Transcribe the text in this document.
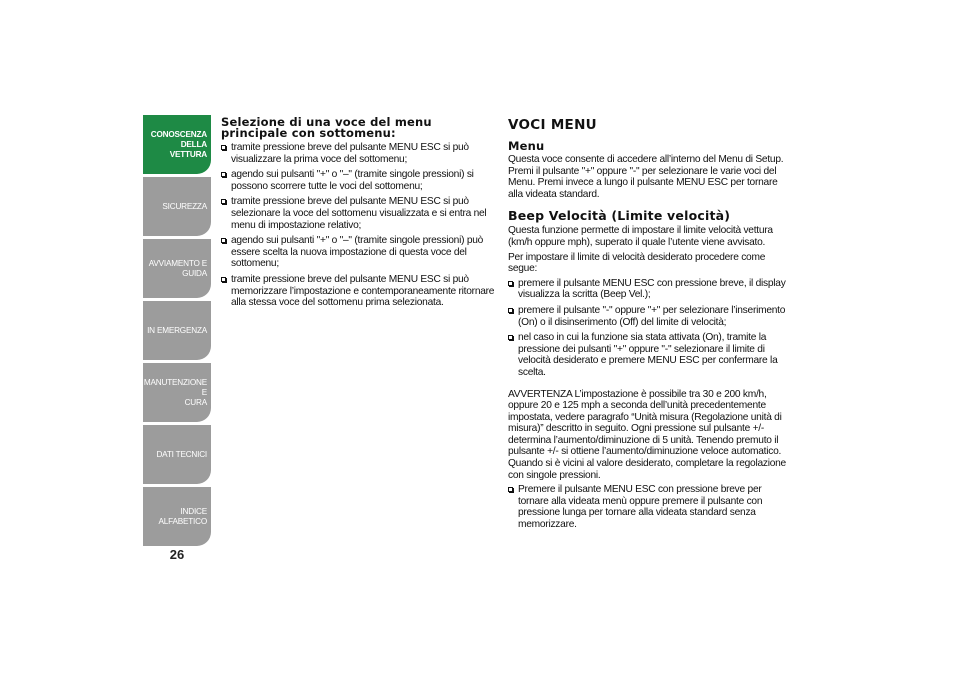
CONOSCENZA
DELLA VETTURA
SICUREZZA
AVVIAMENTO E
GUIDA
IN EMERGENZA
MANUTENZIONE E
CURA
DATI TECNICI
INDICE ALFABETICO
26
Selezione di una voce del menu principale con sottomenu:
tramite pressione breve del pulsante MENU ESC si può visualizzare la prima voce del sottomenu;
agendo sui pulsanti "+" o "–" (tramite singole pressioni) si possono scorrere tutte le voci del sottomenu;
tramite pressione breve del pulsante MENU ESC si può selezionare la voce del sottomenu visualizzata e si entra nel menu di impostazione relativo;
agendo sui pulsanti "+" o "–" (tramite singole pressioni) può essere scelta la nuova impostazione di questa voce del sottomenu;
tramite pressione breve del pulsante MENU ESC si può memorizzare l’impostazione e contemporaneamente ritornare alla stessa voce del sottomenu prima selezionata.
VOCI MENU
Menu

Questa voce consente di accedere all’interno del Menu di Setup. Premi il pulsante "+" oppure "-" per selezionare le varie voci del Menu. Premi invece a lungo il pulsante MENU ESC per tornare alla videata standard.

Beep Velocità (Limite velocità)

Questa funzione permette di impostare il limite velocità vettura (km/h oppure mph), superato il quale l’utente viene avvisato.

Per impostare il limite di velocità desiderato procedere come segue:

premere il pulsante MENU ESC con pressione breve, il display visualizza la scritta (Beep Vel.);
premere il pulsante "-" oppure "+" per selezionare l’inserimento (On) o il disinserimento (Off) del limite di velocità;
nel caso in cui la funzione sia stata attivata (On), tramite la pressione dei pulsanti "+" oppure "-" selezionare il limite di velocità desiderato e premere MENU ESC per confermare la scelta.

AVVERTENZA L’impostazione è possibile tra 30 e 200 km/h, oppure 20 e 125 mph a seconda dell’unità precedentemente impostata, vedere paragrafo “Unità misura (Regolazione unità di misura)” descritto in seguito. Ogni pressione sul pulsante +/- determina l’aumento/diminuzione di 5 unità. Tenendo premuto il pulsante +/- si ottiene l’aumento/diminuzione veloce automatico. Quando si è vicini al valore desiderato, completare la regolazione con singole pressioni.

Premere il pulsante MENU ESC con pressione breve per tornare alla videata menù oppure premere il pulsante con pressione lunga per tornare alla videata standard senza memorizzare.
